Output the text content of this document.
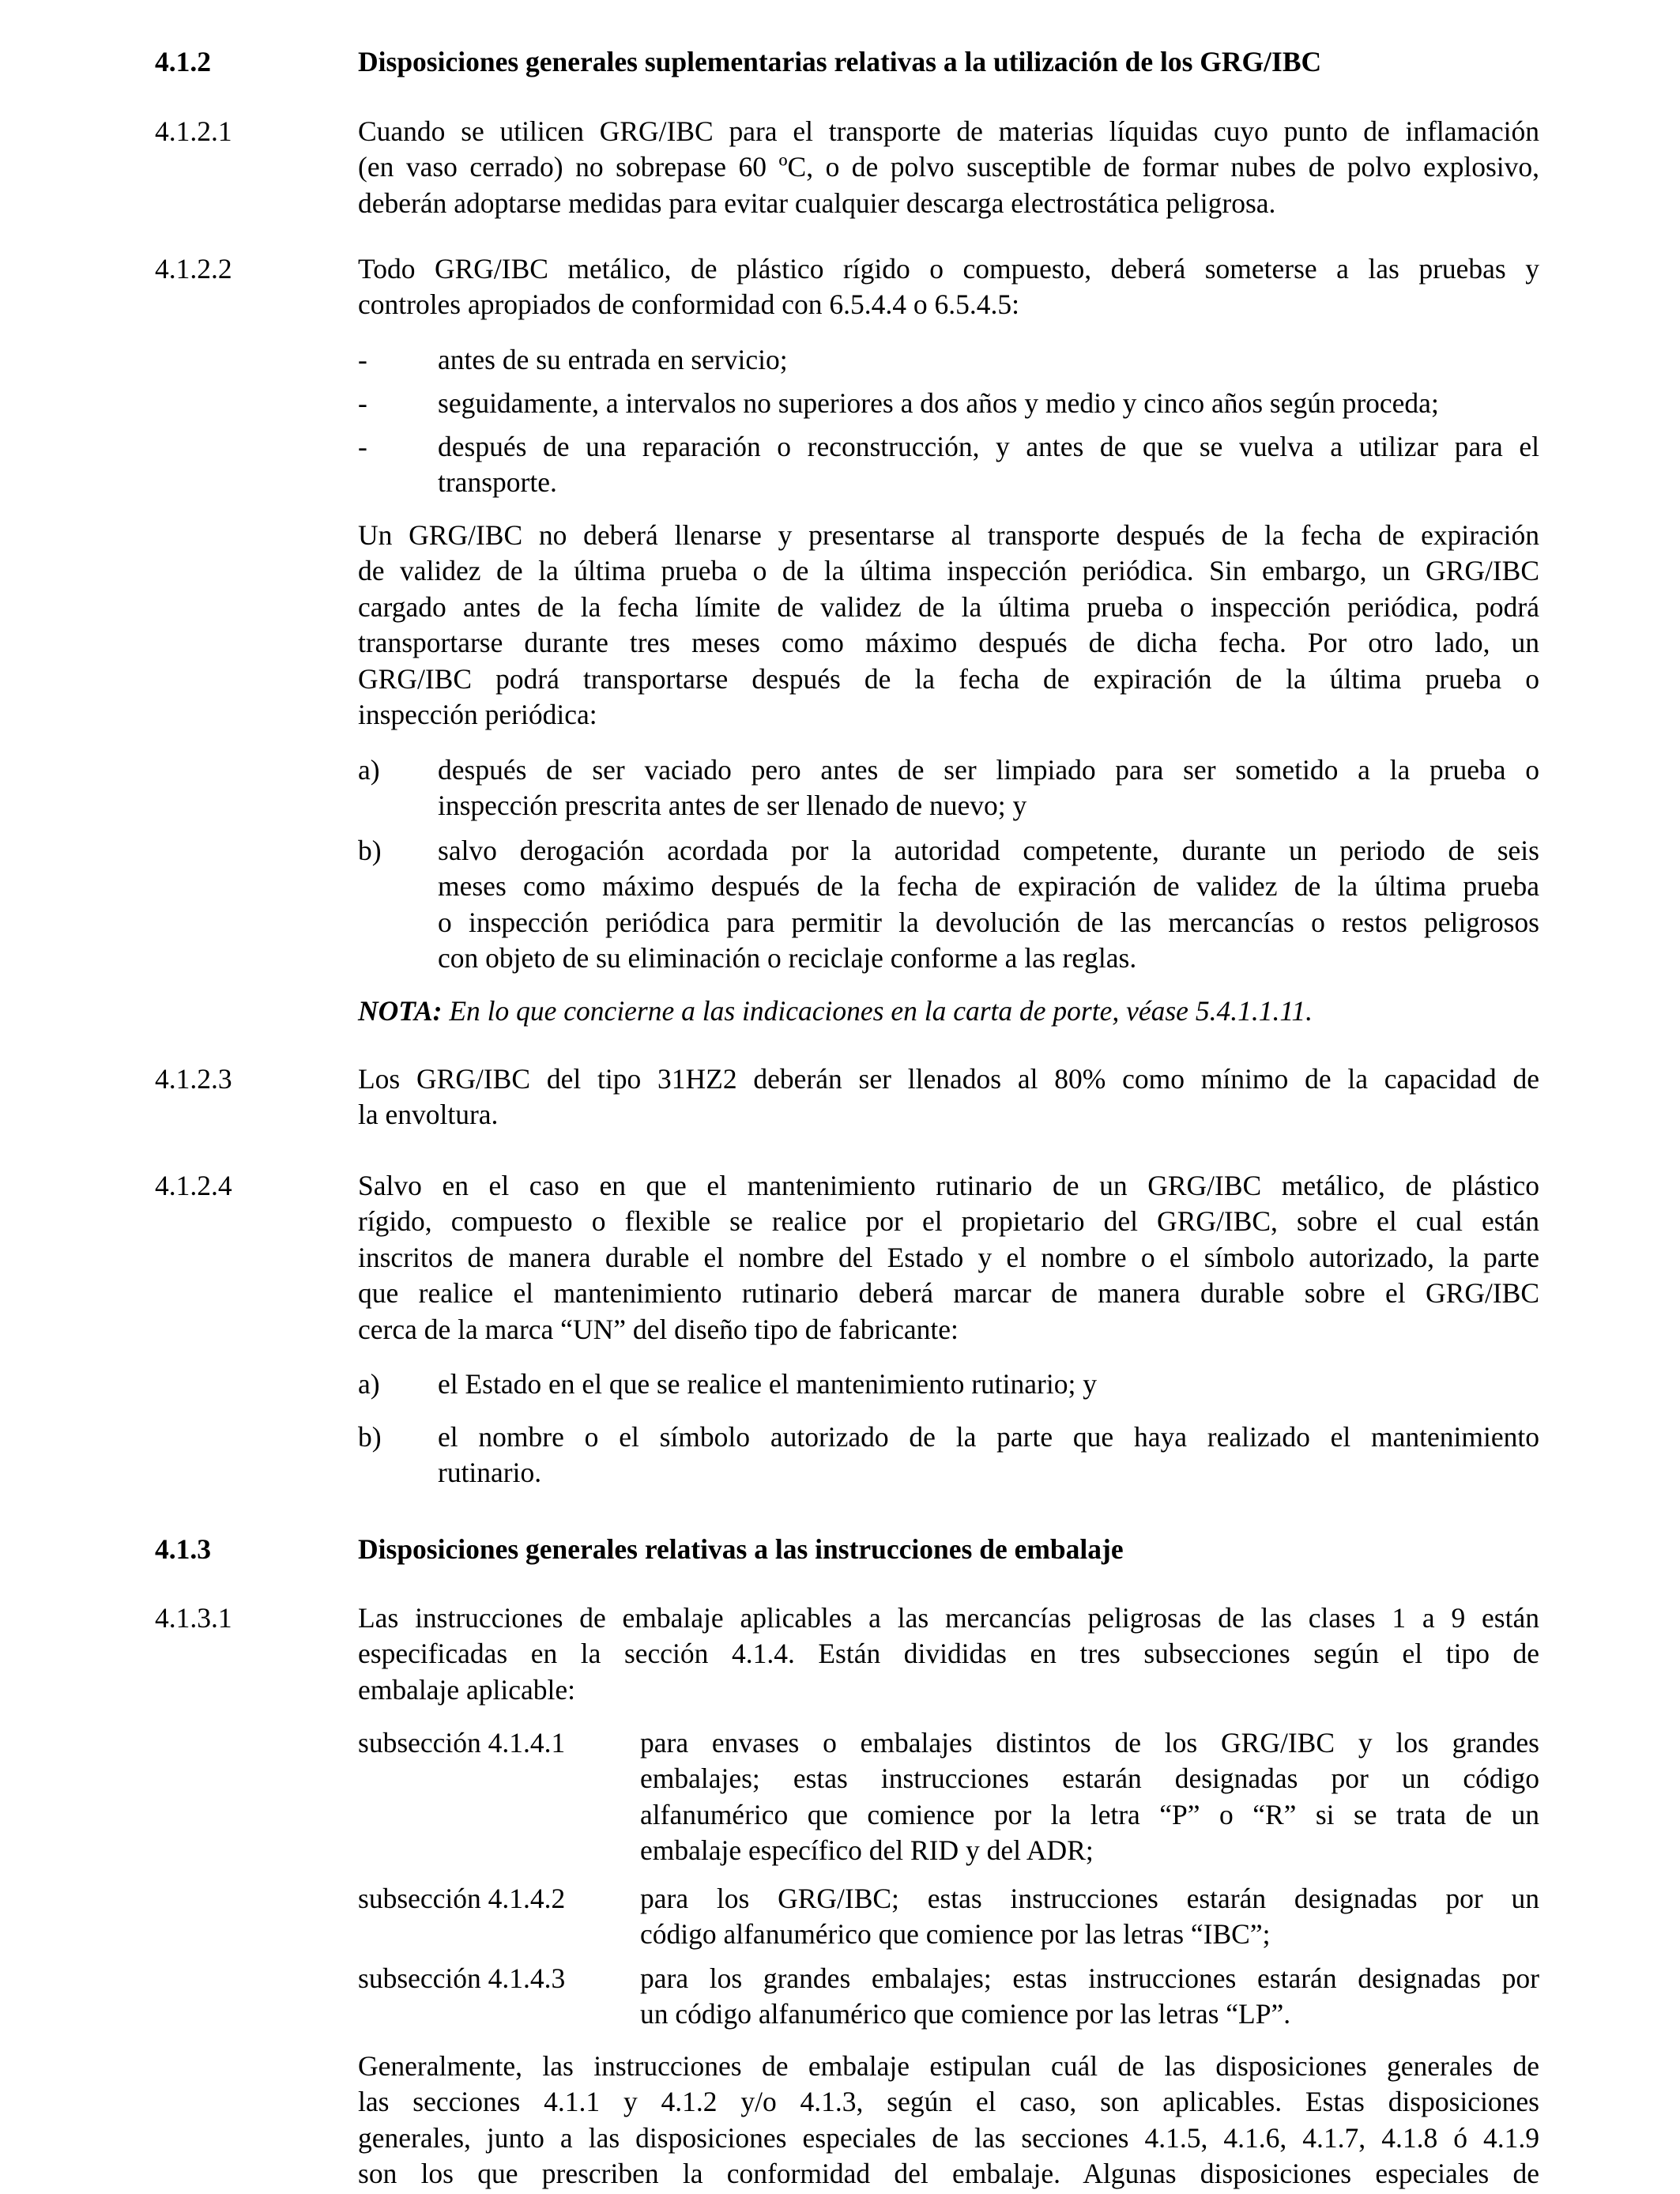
4.1.2	Disposiciones generales suplementarias relativas a la utilización de los GRG/IBC
4.1.2.1	Cuando se utilicen GRG/IBC para el transporte de materias líquidas cuyo punto de inflamación

(en vaso cerrado) no sobrepase 60 ºC, o de polvo susceptible de formar nubes de polvo explosivo,

deberán adoptarse medidas para evitar cualquier descarga electrostática peligrosa.

4.1.2.2	Todo GRG/IBC metálico, de plástico rígido o compuesto, deberá someterse a las pruebas y

controles apropiados de conformidad con 6.5.4.4 o 6.5.4.5:

-	antes de su entrada en servicio;
-	seguidamente, a intervalos no superiores a dos años y medio y cinco años según proceda;
-	después de una reparación o reconstrucción, y antes de que se vuelva a utilizar para el

transporte.

Un GRG/IBC no deberá llenarse y presentarse al transporte después de la fecha de expiración

de validez de la última prueba o de la última inspección periódica. Sin embargo, un GRG/IBC

cargado antes de la fecha límite de validez de la última prueba o inspección periódica, podrá

transportarse durante tres meses como máximo después de dicha fecha. Por otro lado, un

GRG/IBC podrá transportarse después de la fecha de expiración de la última prueba o

inspección periódica:

a) después de ser vaciado pero antes de ser limpiado para ser sometido a la prueba o

inspección prescrita antes de ser llenado de nuevo; y

b) salvo derogación acordada por la autoridad competente, durante un periodo de seis

meses como máximo después de la fecha de expiración de validez de la última prueba

o inspección periódica para permitir la devolución de las mercancías o restos peligrosos

con objeto de su eliminación o reciclaje conforme a las reglas.

NOTA: En lo que concierne a las indicaciones en la carta de porte, véase 5.4.1.1.11.
4.1.2.3	Los GRG/IBC del tipo 31HZ2 deberán ser llenados al 80% como mínimo de la capacidad de

la envoltura.

4.1.2.4	Salvo en el caso en que el mantenimiento rutinario de un GRG/IBC metálico, de plástico

rígido, compuesto o flexible se realice por el propietario del GRG/IBC, sobre el cual están

inscritos de manera durable el nombre del Estado y el nombre o el símbolo autorizado, la parte

que realice el mantenimiento rutinario deberá marcar de manera durable sobre el GRG/IBC

cerca de la marca “UN” del diseño tipo de fabricante:

a) el Estado en el que se realice el mantenimiento rutinario; y
b) el nombre o el símbolo autorizado de la parte que haya realizado el mantenimiento

rutinario.

4.1.3	Disposiciones generales relativas a las instrucciones de embalaje
4.1.3.1	Las instrucciones de embalaje aplicables a las mercancías peligrosas de las clases 1 a 9 están

especificadas en la sección 4.1.4. Están divididas en tres subsecciones según el tipo de

embalaje aplicable:

subsección 4.1.4.1	para envases o embalajes distintos de los GRG/IBC y los grandes

embalajes; estas instrucciones estarán designadas por un código

alfanumérico que comience por la letra “P” o “R” si se trata de un

embalaje específico del RID y del ADR;

subsección 4.1.4.2	para los GRG/IBC; estas instrucciones estarán designadas por un

código alfanumérico que comience por las letras “IBC”;

subsección 4.1.4.3	para los grandes embalajes; estas instrucciones estarán designadas por

un código alfanumérico que comience por las letras “LP”.

Generalmente, las instrucciones de embalaje estipulan cuál de las disposiciones generales de

las secciones 4.1.1 y 4.1.2 y/o 4.1.3, según el caso, son aplicables. Estas disposiciones

generales, junto a las disposiciones especiales de las secciones 4.1.5, 4.1.6, 4.1.7, 4.1.8 ó 4.1.9

son los que prescriben la conformidad del embalaje. Algunas disposiciones especiales de
